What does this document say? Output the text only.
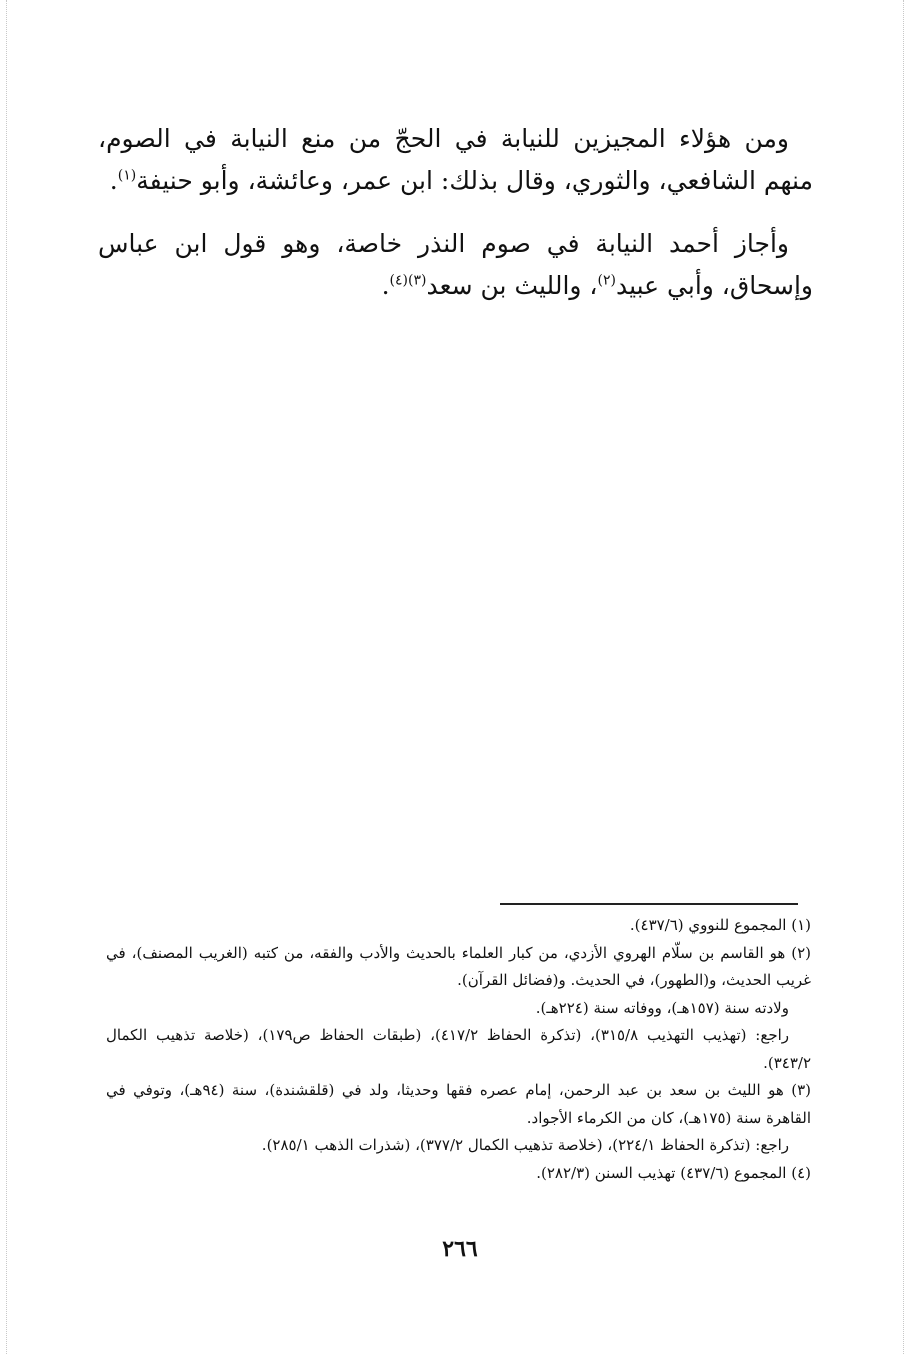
ومن هؤلاء المجيزين للنيابة في الحجّ من منع النيابة في الصوم، منهم الشافعي، والثوري، وقال بذلك: ابن عمر، وعائشة، وأبو حنيفة$^{(١)}$.

وأجاز أحمد النيابة في صوم النذر خاصة، وهو قول ابن عباس وإسحاق، وأبي عبيد$^{(٢)}$، والليث بن سعد$^{(٣)(٤)}$.

(١) المجموع للنووي (٤٣٧/٦).

(٢) هو القاسم بن سلّام الهروي الأزدي، من كبار العلماء بالحديث والأدب والفقه، من كتبه (الغريب المصنف)، في غريب الحديث، و(الطهور)، في الحديث. و(فضائل القرآن).

ولادته سنة (١٥٧هـ)، ووفاته سنة (٢٢٤هـ).

راجع: (تهذيب التهذيب ٣١٥/٨)، (تذكرة الحفاظ ٤١٧/٢)، (طبقات الحفاظ ص١٧٩)، (خلاصة تذهيب الكمال ٣٤٣/٢).

(٣) هو الليث بن سعد بن عبد الرحمن، إمام عصره فقها وحديثا، ولد في (قلقشندة)، سنة (٩٤هـ)، وتوفي في القاهرة سنة (١٧٥هـ)، كان من الكرماء الأجواد.

راجع: (تذكرة الحفاظ ٢٢٤/١)، (خلاصة تذهيب الكمال ٣٧٧/٢)، (شذرات الذهب ٢٨٥/١).

(٤) المجموع (٤٣٧/٦) تهذيب السنن (٢٨٢/٣).

٢٦٦
